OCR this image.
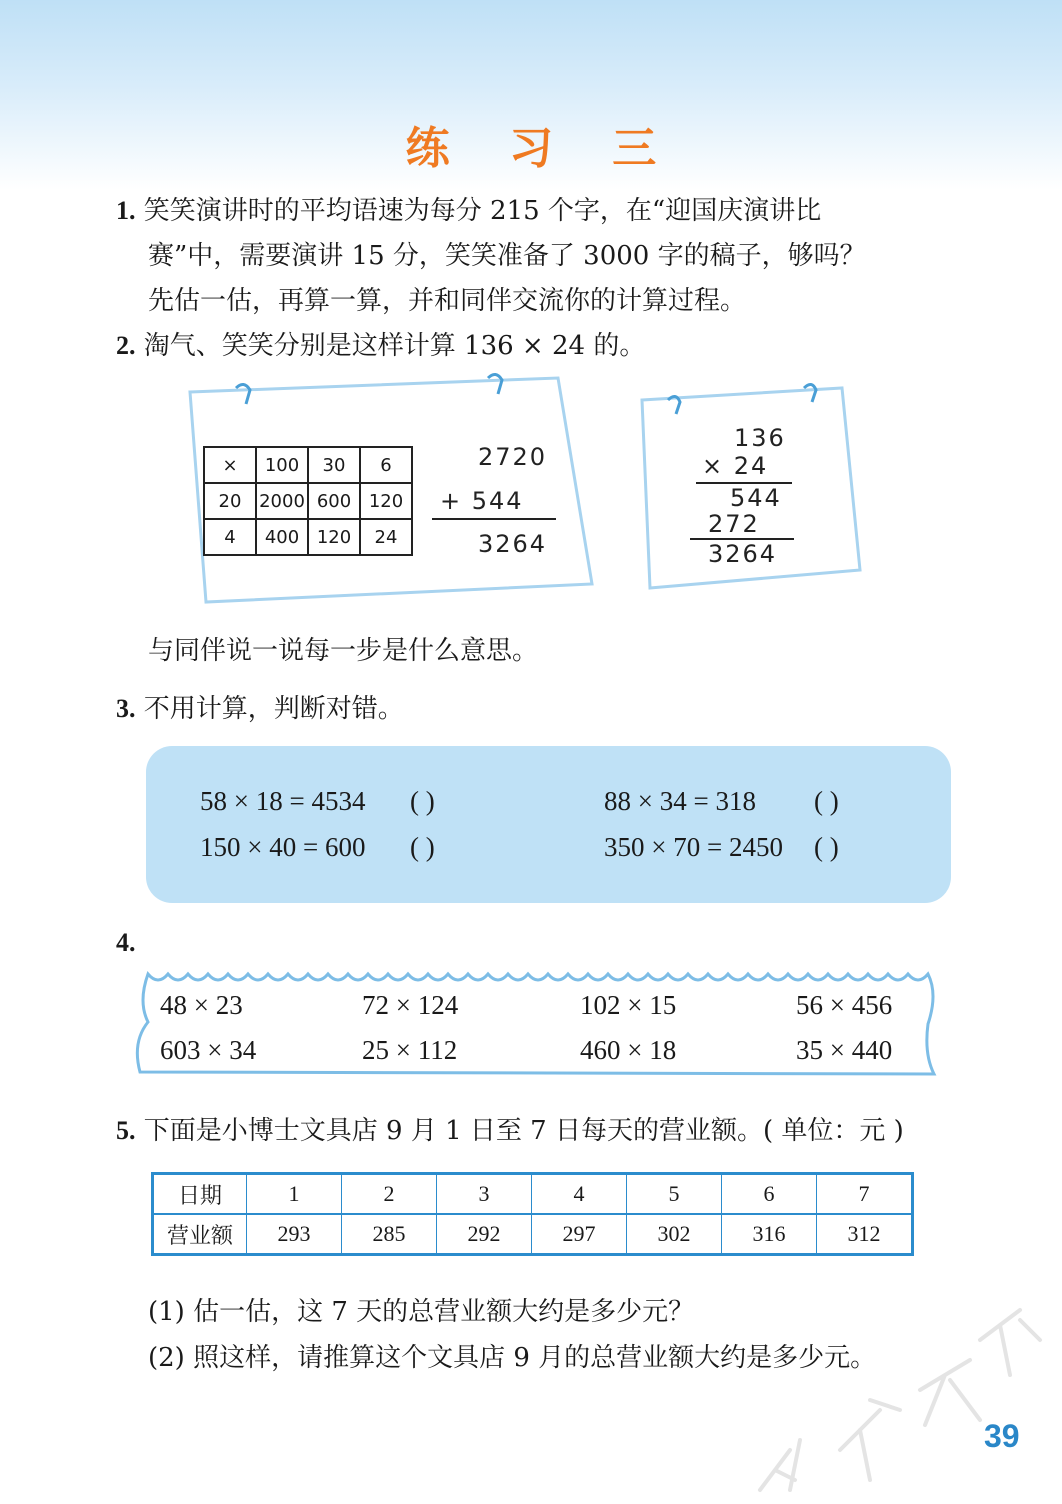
练 习 三
1. 笑笑演讲时的平均语速为每分 215 个字，在“迎国庆演讲比
赛”中，需要演讲 15 分，笑笑准备了 3000 字的稿子，够吗？
先估一估，再算一算，并和同伴交流你的计算过程。
2. 淘气、笑笑分别是这样计算 136 × 24 的。
×	100	30	6
20	2000	600	120
4	400	120	24
2720
+ 544
3264
136
× 24
544
272
3264
与同伴说一说每一步是什么意思。
3. 不用计算，判断对错。
58 × 18 = 4534 ( )	88 × 34 = 318 ( )
150 × 40 = 600 ( )	350 × 70 = 2450 ( )
4.
48 × 23	72 × 124	102 × 15	56 × 456
603 × 34	25 × 112	460 × 18	35 × 440
5. 下面是小博士文具店 9 月 1 日至 7 日每天的营业额。( 单位：元 )
日期	1	2	3	4	5	6	7
营业额	293	285	292	297	302	316	312
(1) 估一估，这 7 天的总营业额大约是多少元？
(2) 照这样，请推算这个文具店 9 月的总营业额大约是多少元。
39
